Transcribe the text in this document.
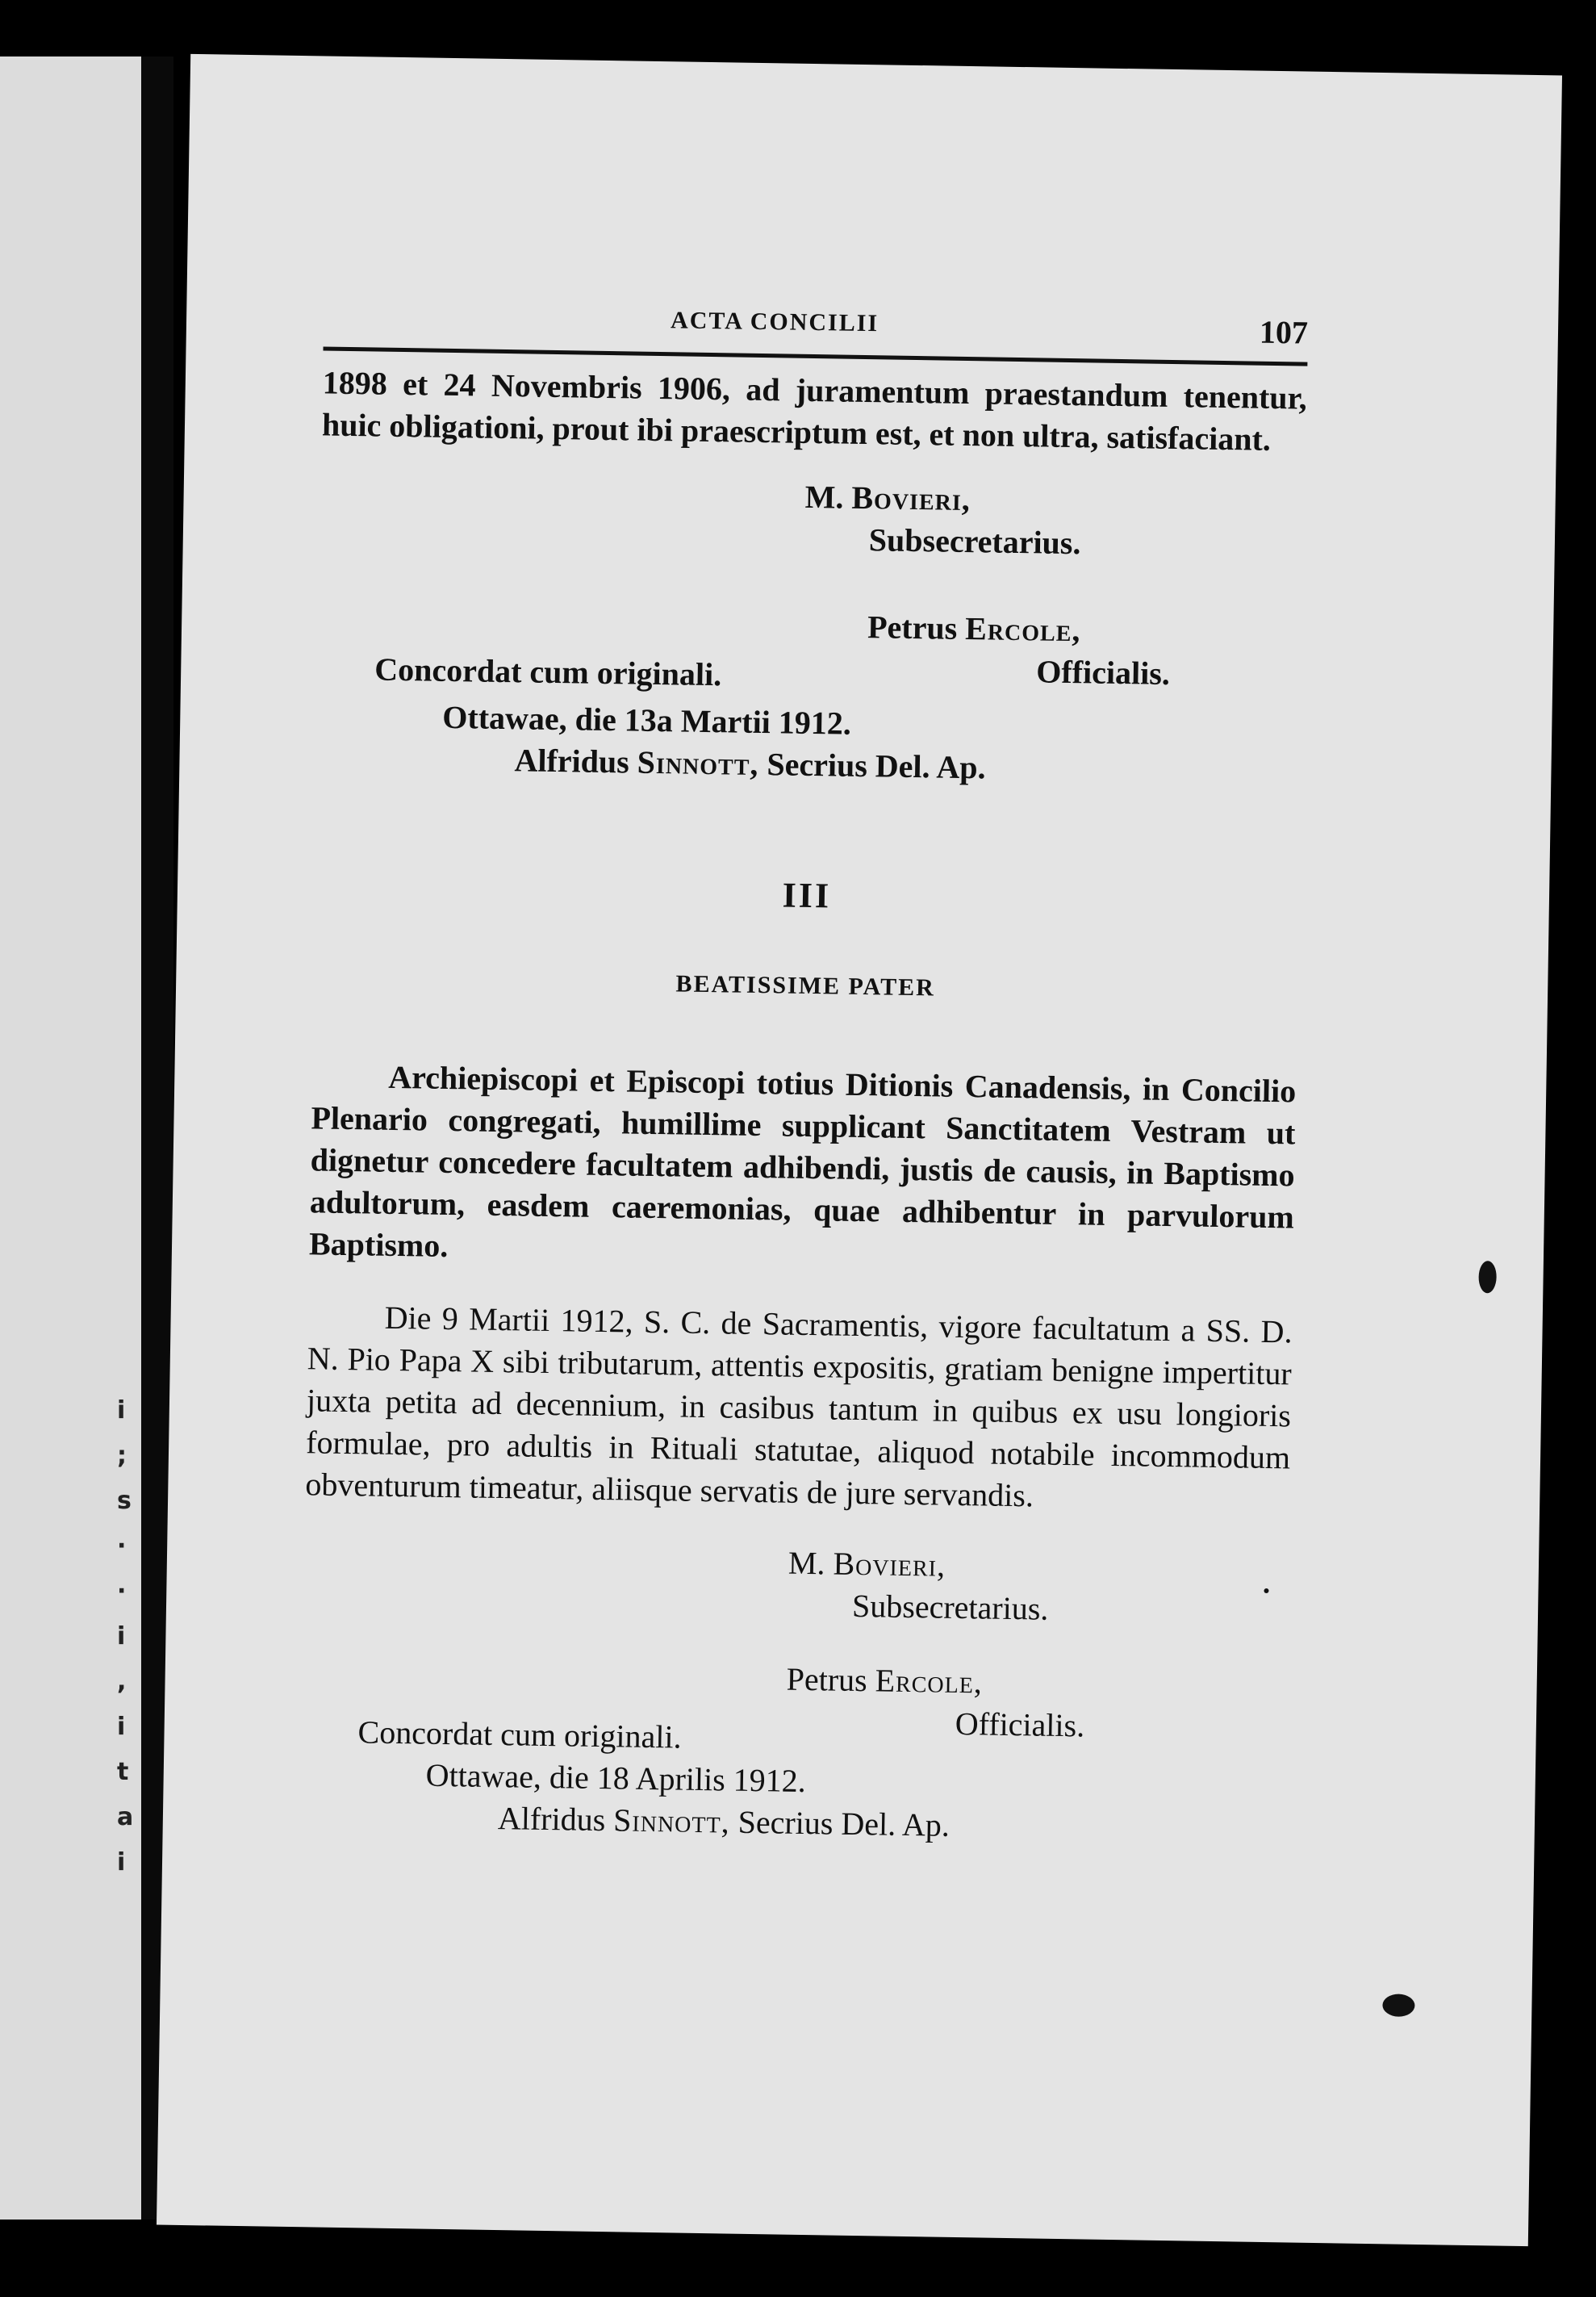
i
;
s
·
·
i
,
i
t
a
i
ACTA CONCILII	107

1898 et 24 Novembris 1906, ad juramentum praestandum tenentur, huic obligationi, prout ibi praescriptum est, et non ultra, satisfaciant.

M. Bovieri,
Subsecretarius.
Petrus Ercole,
Officialis.
Concordat cum originali.
Ottawae, die 13a Martii 1912.
Alfridus Sinnott, Secrius Del. Ap.
III
BEATISSIME PATER

Archiepiscopi et Episcopi totius Ditionis Canadensis, in Concilio Plenario congregati, humillime supplicant Sanctitatem Vestram ut dignetur concedere facultatem adhibendi, justis de causis, in Baptismo adultorum, easdem caeremonias, quae adhibentur in parvulorum Baptismo.

Die 9 Martii 1912, S. C. de Sacramentis, vigore facultatum a SS. D. N. Pio Papa X sibi tributarum, attentis expositis, gratiam benigne impertitur juxta petita ad decennium, in casibus tantum in quibus ex usu longioris formulae, pro adultis in Rituali statutae, aliquod notabile incommodum obventurum timeatur, aliisque servatis de jure servandis.

M. Bovieri,
Subsecretarius.
Petrus Ercole,
Officialis.
Concordat cum originali.
Ottawae, die 18 Aprilis 1912.
Alfridus Sinnott, Secrius Del. Ap.
